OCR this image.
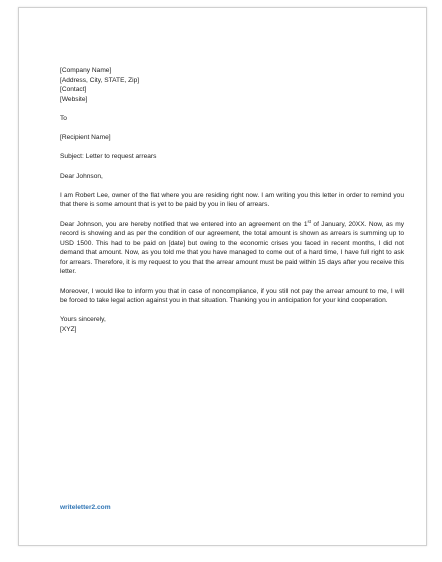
[Company Name]

[Address, City, STATE, Zip]

[Contact]

[Website]

To

[Recipient Name]

Subject: Letter to request arrears

Dear Johnson,

I am Robert Lee, owner of the flat where you are residing right now. I am writing you this letter in order to remind you that there is some amount that is yet to be paid by you in lieu of arrears.

Dear Johnson, you are hereby notified that we entered into an agreement on the 1st of January, 20XX. Now, as my record is showing and as per the condition of our agreement, the total amount is shown as arrears is summing up to USD 1500. This had to be paid on [date] but owing to the economic crises you faced in recent months, I did not demand that amount. Now, as you told me that you have managed to come out of a hard time, I have full right to ask for arrears. Therefore, it is my request to you that the arrear amount must be paid within 15 days after you receive this letter.

Moreover, I would like to inform you that in case of noncompliance, if you still not pay the arrear amount to me, I will be forced to take legal action against you in that situation. Thanking you in anticipation for your kind cooperation.

Yours sincerely,

[XYZ]

writeletter2.com
